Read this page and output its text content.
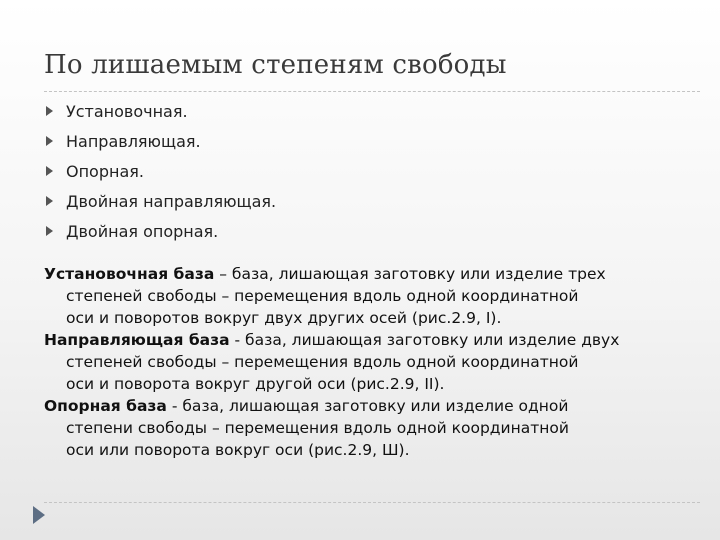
По лишаемым степеням свободы
Установочная.
Направляющая.
Опорная.
Двойная направляющая.
Двойная опорная.
Установочная база – база, лишающая заготовку или изделие трех
степеней свободы – перемещения вдоль одной координатной
оси и поворотов вокруг двух других осей (рис.2.9, I).
Направляющая база - база, лишающая заготовку или изделие двух
степеней свободы – перемещения вдоль одной координатной
оси и поворота вокруг другой оси (рис.2.9, II).
Опорная база - база, лишающая заготовку или изделие одной
степени свободы – перемещения вдоль одной координатной
оси или поворота вокруг оси (рис.2.9, Ш).
